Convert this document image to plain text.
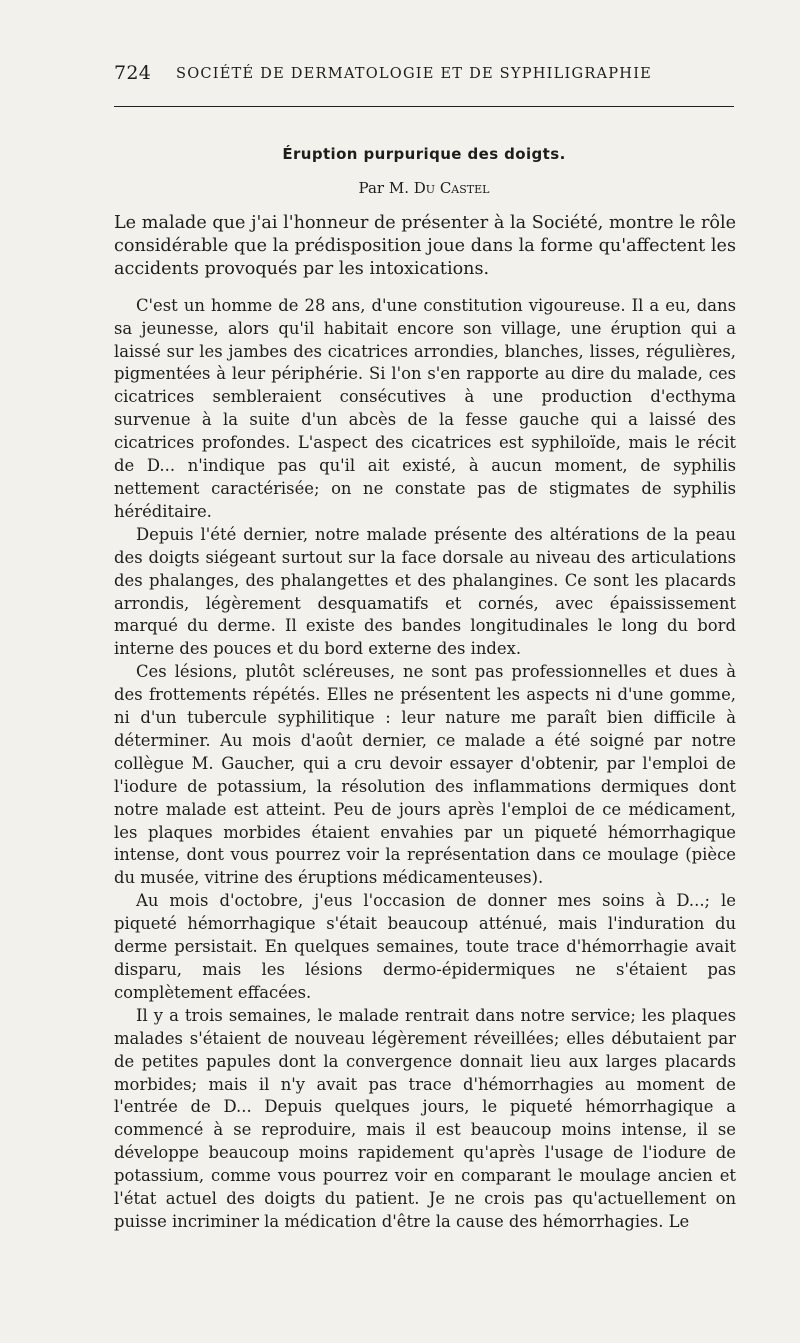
724 SOCIÉTÉ DE DERMATOLOGIE ET DE SYPHILIGRAPHIE
Éruption purpurique des doigts.
Par M. Du Castel

Le malade que j'ai l'honneur de présenter à la Société, montre le rôle considérable que la prédisposition joue dans la forme qu'affectent les accidents provoqués par les intoxications.

C'est un homme de 28 ans, d'une constitution vigoureuse. Il a eu, dans sa jeunesse, alors qu'il habitait encore son village, une éruption qui a laissé sur les jambes des cicatrices arrondies, blanches, lisses, régulières, pigmentées à leur périphérie. Si l'on s'en rapporte au dire du malade, ces cicatrices sembleraient consécutives à une production d'ecthyma survenue à la suite d'un abcès de la fesse gauche qui a laissé des cicatrices profondes. L'aspect des cicatrices est syphiloïde, mais le récit de D... n'indique pas qu'il ait existé, à aucun moment, de syphilis nettement caractérisée; on ne constate pas de stigmates de syphilis héréditaire.

Depuis l'été dernier, notre malade présente des altérations de la peau des doigts siégeant surtout sur la face dorsale au niveau des articulations des phalanges, des phalangettes et des phalangines. Ce sont les placards arrondis, légèrement desquamatifs et cornés, avec épaississement marqué du derme. Il existe des bandes longitudinales le long du bord interne des pouces et du bord externe des index.

Ces lésions, plutôt scléreuses, ne sont pas professionnelles et dues à des frottements répétés. Elles ne présentent les aspects ni d'une gomme, ni d'un tubercule syphilitique : leur nature me paraît bien difficile à déterminer. Au mois d'août dernier, ce malade a été soigné par notre collègue M. Gaucher, qui a cru devoir essayer d'obtenir, par l'emploi de l'iodure de potassium, la résolution des inflammations dermiques dont notre malade est atteint. Peu de jours après l'emploi de ce médicament, les plaques morbides étaient envahies par un piqueté hémorrhagique intense, dont vous pourrez voir la représentation dans ce moulage (pièce du musée, vitrine des éruptions médicamenteuses).

Au mois d'octobre, j'eus l'occasion de donner mes soins à D...; le piqueté hémorrhagique s'était beaucoup atténué, mais l'induration du derme persistait. En quelques semaines, toute trace d'hémorrhagie avait disparu, mais les lésions dermo-épidermiques ne s'étaient pas complètement effacées.

Il y a trois semaines, le malade rentrait dans notre service; les plaques malades s'étaient de nouveau légèrement réveillées; elles débutaient par de petites papules dont la convergence donnait lieu aux larges placards morbides; mais il n'y avait pas trace d'hémorrhagies au moment de l'entrée de D... Depuis quelques jours, le piqueté hémorrhagique a commencé à se reproduire, mais il est beaucoup moins intense, il se développe beaucoup moins rapidement qu'après l'usage de l'iodure de potassium, comme vous pourrez voir en comparant le moulage ancien et l'état actuel des doigts du patient. Je ne crois pas qu'actuellement on puisse incriminer la médication d'être la cause des hémorrhagies. Le
